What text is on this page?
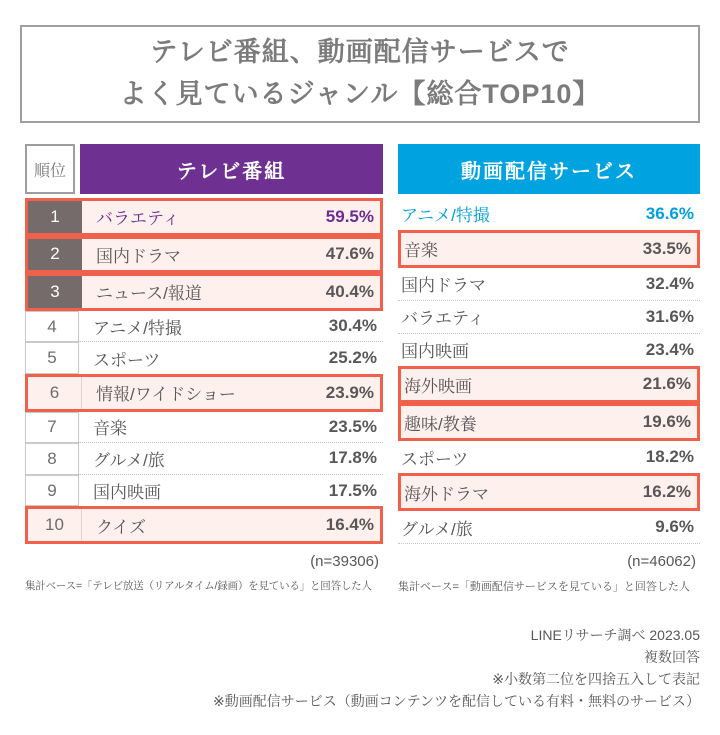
テレビ番組、動画配信サービスで
よく見ているジャンル【総合TOP10】
順位	テレビ番組
1	バラエティ	59.5%
2	国内ドラマ	47.6%
3	ニュース/報道	40.4%
4	アニメ/特撮	30.4%
5	スポーツ	25.2%
6	情報/ワイドショー	23.9%
7	音楽	23.5%
8	グルメ/旅	17.8%
9	国内映画	17.5%
10	クイズ	16.4%
(n=39306)
集計ベース=「テレビ放送（リアルタイム/録画）を見ている」と回答した人
動画配信サービス
アニメ/特撮	36.6%
音楽	33.5%
国内ドラマ	32.4%
バラエティ	31.6%
国内映画	23.4%
海外映画	21.6%
趣味/教養	19.6%
スポーツ	18.2%
海外ドラマ	16.2%
グルメ/旅	9.6%
(n=46062)
集計ベース=「動画配信サービスを見ている」と回答した人
LINEリサーチ調べ 2023.05
複数回答
※小数第二位を四捨五入して表記
※動画配信サービス（動画コンテンツを配信している有料・無料のサービス）
